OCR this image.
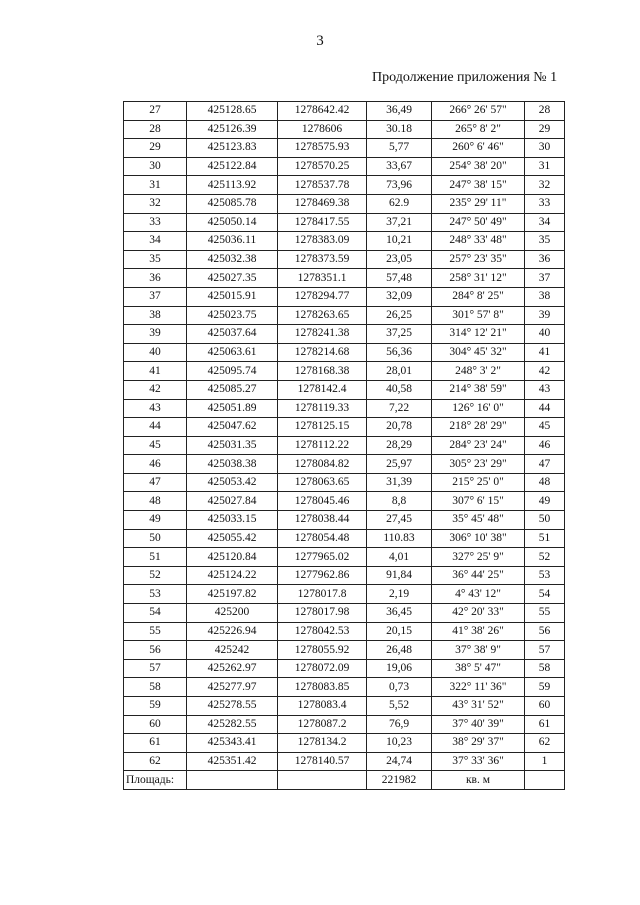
3
Продолжение приложения № 1
27	425128.65	1278642.42	36,49	266° 26' 57"	28
28	425126.39	1278606	30.18	265° 8' 2"	29
29	425123.83	1278575.93	5,77	260° 6' 46"	30
30	425122.84	1278570.25	33,67	254° 38' 20"	31
31	425113.92	1278537.78	73,96	247° 38' 15"	32
32	425085.78	1278469.38	62.9	235° 29' 11"	33
33	425050.14	1278417.55	37,21	247° 50' 49"	34
34	425036.11	1278383.09	10,21	248° 33' 48"	35
35	425032.38	1278373.59	23,05	257° 23' 35"	36
36	425027.35	1278351.1	57,48	258° 31' 12"	37
37	425015.91	1278294.77	32,09	284° 8' 25"	38
38	425023.75	1278263.65	26,25	301° 57' 8"	39
39	425037.64	1278241.38	37,25	314° 12' 21"	40
40	425063.61	1278214.68	56,36	304° 45' 32"	41
41	425095.74	1278168.38	28,01	248° 3' 2"	42
42	425085.27	1278142.4	40,58	214° 38' 59"	43
43	425051.89	1278119.33	7,22	126° 16' 0"	44
44	425047.62	1278125.15	20,78	218° 28' 29"	45
45	425031.35	1278112.22	28,29	284° 23' 24"	46
46	425038.38	1278084.82	25,97	305° 23' 29"	47
47	425053.42	1278063.65	31,39	215° 25' 0"	48
48	425027.84	1278045.46	8,8	307° 6' 15"	49
49	425033.15	1278038.44	27,45	35° 45' 48"	50
50	425055.42	1278054.48	110.83	306° 10' 38"	51
51	425120.84	1277965.02	4,01	327° 25' 9"	52
52	425124.22	1277962.86	91,84	36° 44' 25"	53
53	425197.82	1278017.8	2,19	4° 43' 12"	54
54	425200	1278017.98	36,45	42° 20' 33"	55
55	425226.94	1278042.53	20,15	41° 38' 26"	56
56	425242	1278055.92	26,48	37° 38' 9"	57
57	425262.97	1278072.09	19,06	38° 5' 47"	58
58	425277.97	1278083.85	0,73	322° 11' 36"	59
59	425278.55	1278083.4	5,52	43° 31' 52"	60
60	425282.55	1278087.2	76,9	37° 40' 39"	61
61	425343.41	1278134.2	10,23	38° 29' 37"	62
62	425351.42	1278140.57	24,74	37° 33' 36"	1
Площадь:			221982	кв. м	
